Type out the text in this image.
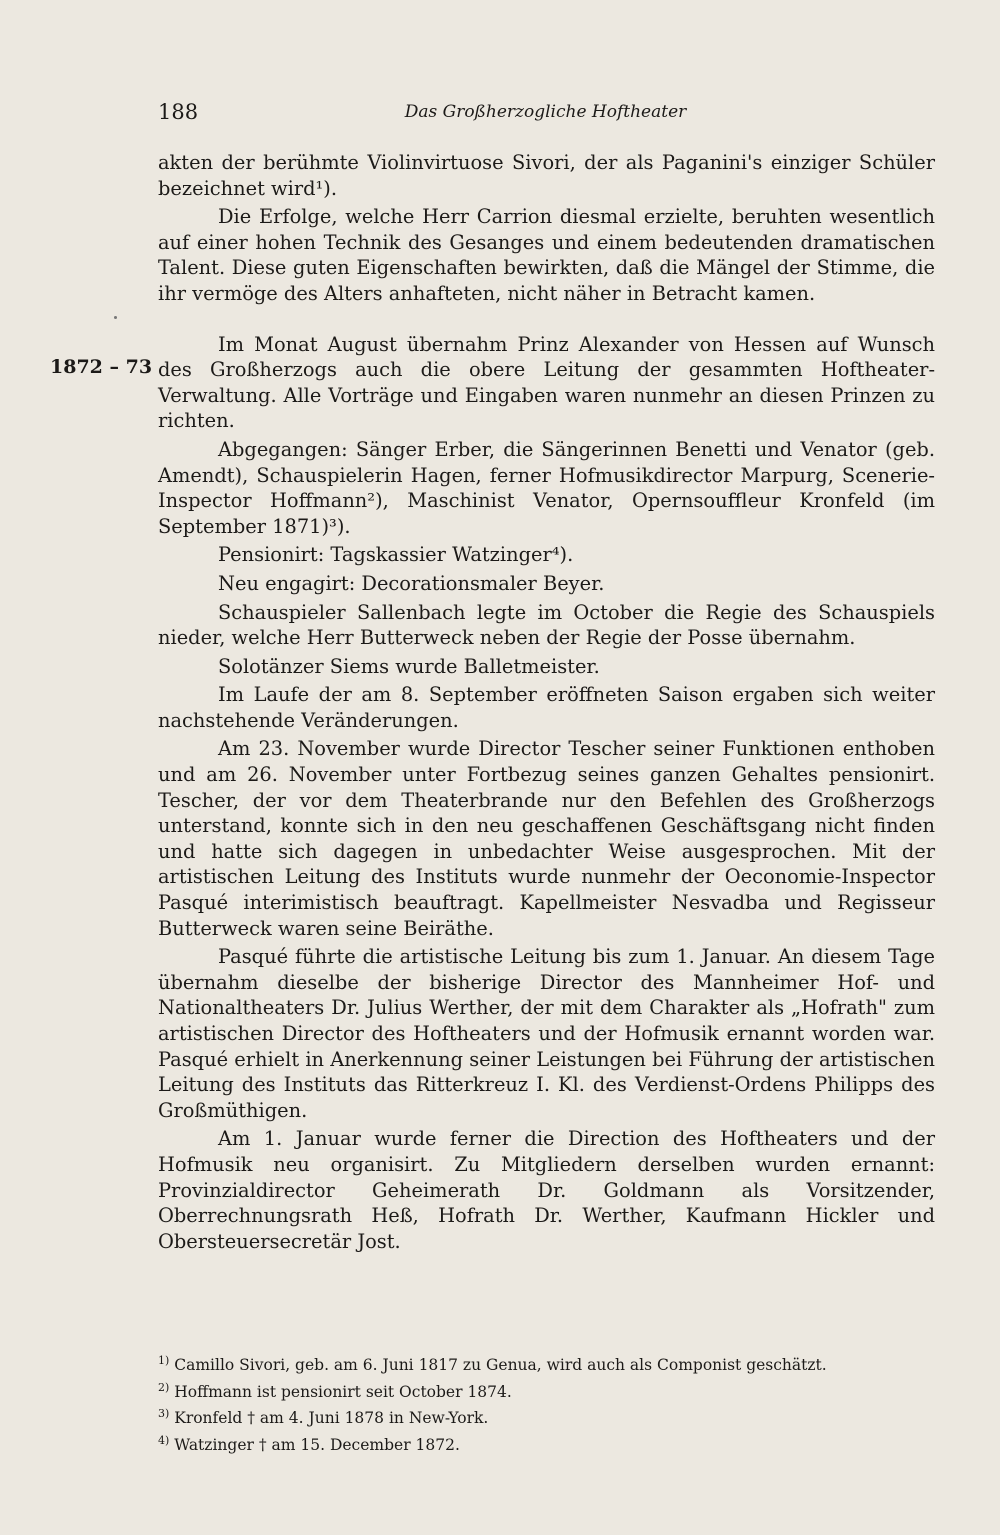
188	Das Großherzogliche Hoftheater
1872 – 73

akten der berühmte Violinvirtuose Sivori, der als Paganini's einziger Schüler bezeichnet wird¹).

Die Erfolge, welche Herr Carrion diesmal erzielte, beruhten wesentlich auf einer hohen Technik des Gesanges und einem bedeutenden dramatischen Talent. Diese guten Eigenschaften bewirkten, daß die Mängel der Stimme, die ihr vermöge des Alters anhafteten, nicht näher in Betracht kamen.

Im Monat August übernahm Prinz Alexander von Hessen auf Wunsch des Großherzogs auch die obere Leitung der gesammten Hoftheater-Verwaltung. Alle Vorträge und Eingaben waren nunmehr an diesen Prinzen zu richten.

Abgegangen: Sänger Erber, die Sängerinnen Benetti und Venator (geb. Amendt), Schauspielerin Hagen, ferner Hofmusikdirector Marpurg, Scenerie-Inspector Hoffmann²), Maschinist Venator, Opernsouffleur Kronfeld (im September 1871)³).

Pensionirt: Tagskassier Watzinger⁴).

Neu engagirt: Decorationsmaler Beyer.

Schauspieler Sallenbach legte im October die Regie des Schauspiels nieder, welche Herr Butterweck neben der Regie der Posse übernahm.

Solotänzer Siems wurde Balletmeister.

Im Laufe der am 8. September eröffneten Saison ergaben sich weiter nachstehende Veränderungen.

Am 23. November wurde Director Tescher seiner Funktionen enthoben und am 26. November unter Fortbezug seines ganzen Gehaltes pensionirt. Tescher, der vor dem Theaterbrande nur den Befehlen des Großherzogs unterstand, konnte sich in den neu geschaffenen Geschäftsgang nicht finden und hatte sich dagegen in unbedachter Weise ausgesprochen. Mit der artistischen Leitung des Instituts wurde nunmehr der Oeconomie-Inspector Pasqué interimistisch beauftragt. Kapellmeister Nesvadba und Regisseur Butterweck waren seine Beiräthe.

Pasqué führte die artistische Leitung bis zum 1. Januar. An diesem Tage übernahm dieselbe der bisherige Director des Mannheimer Hof- und Nationaltheaters Dr. Julius Werther, der mit dem Charakter als „Hofrath" zum artistischen Director des Hoftheaters und der Hofmusik ernannt worden war. Pasqué erhielt in Anerkennung seiner Leistungen bei Führung der artistischen Leitung des Instituts das Ritterkreuz I. Kl. des Verdienst-Ordens Philipps des Großmüthigen.

Am 1. Januar wurde ferner die Direction des Hoftheaters und der Hofmusik neu organisirt. Zu Mitgliedern derselben wurden ernannt: Provinzialdirector Geheimerath Dr. Goldmann als Vorsitzender, Oberrechnungsrath Heß, Hofrath Dr. Werther, Kaufmann Hickler und Obersteuersecretär Jost.

$^{1)}$ Camillo Sivori, geb. am 6. Juni 1817 zu Genua, wird auch als Componist geschätzt.

$^{2)}$ Hoffmann ist pensionirt seit October 1874.

$^{3)}$ Kronfeld † am 4. Juni 1878 in New-York.

$^{4)}$ Watzinger † am 15. December 1872.
